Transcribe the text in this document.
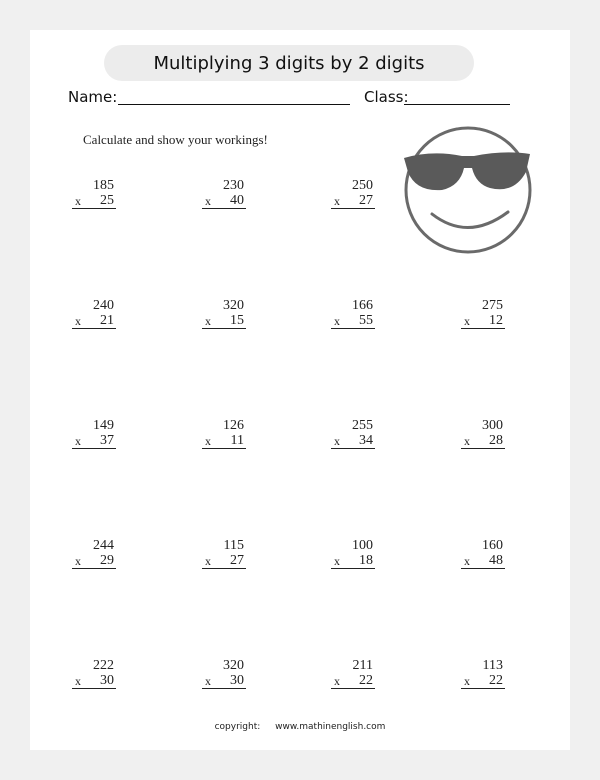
Multiplying 3 digits by 2 digits
Name:	Class:
Calculate and show your workings!
185
x 25
230
x 40
250
x 27
240
x 21
320
x 15
166
x 55
275
x 12
149
x 37
126
x 11
255
x 34
300
x 28
244
x 29
115
x 27
100
x 18
160
x 48
222
x 30
320
x 30
211
x 22
113
x 22
copyright: www.mathinenglish.com
